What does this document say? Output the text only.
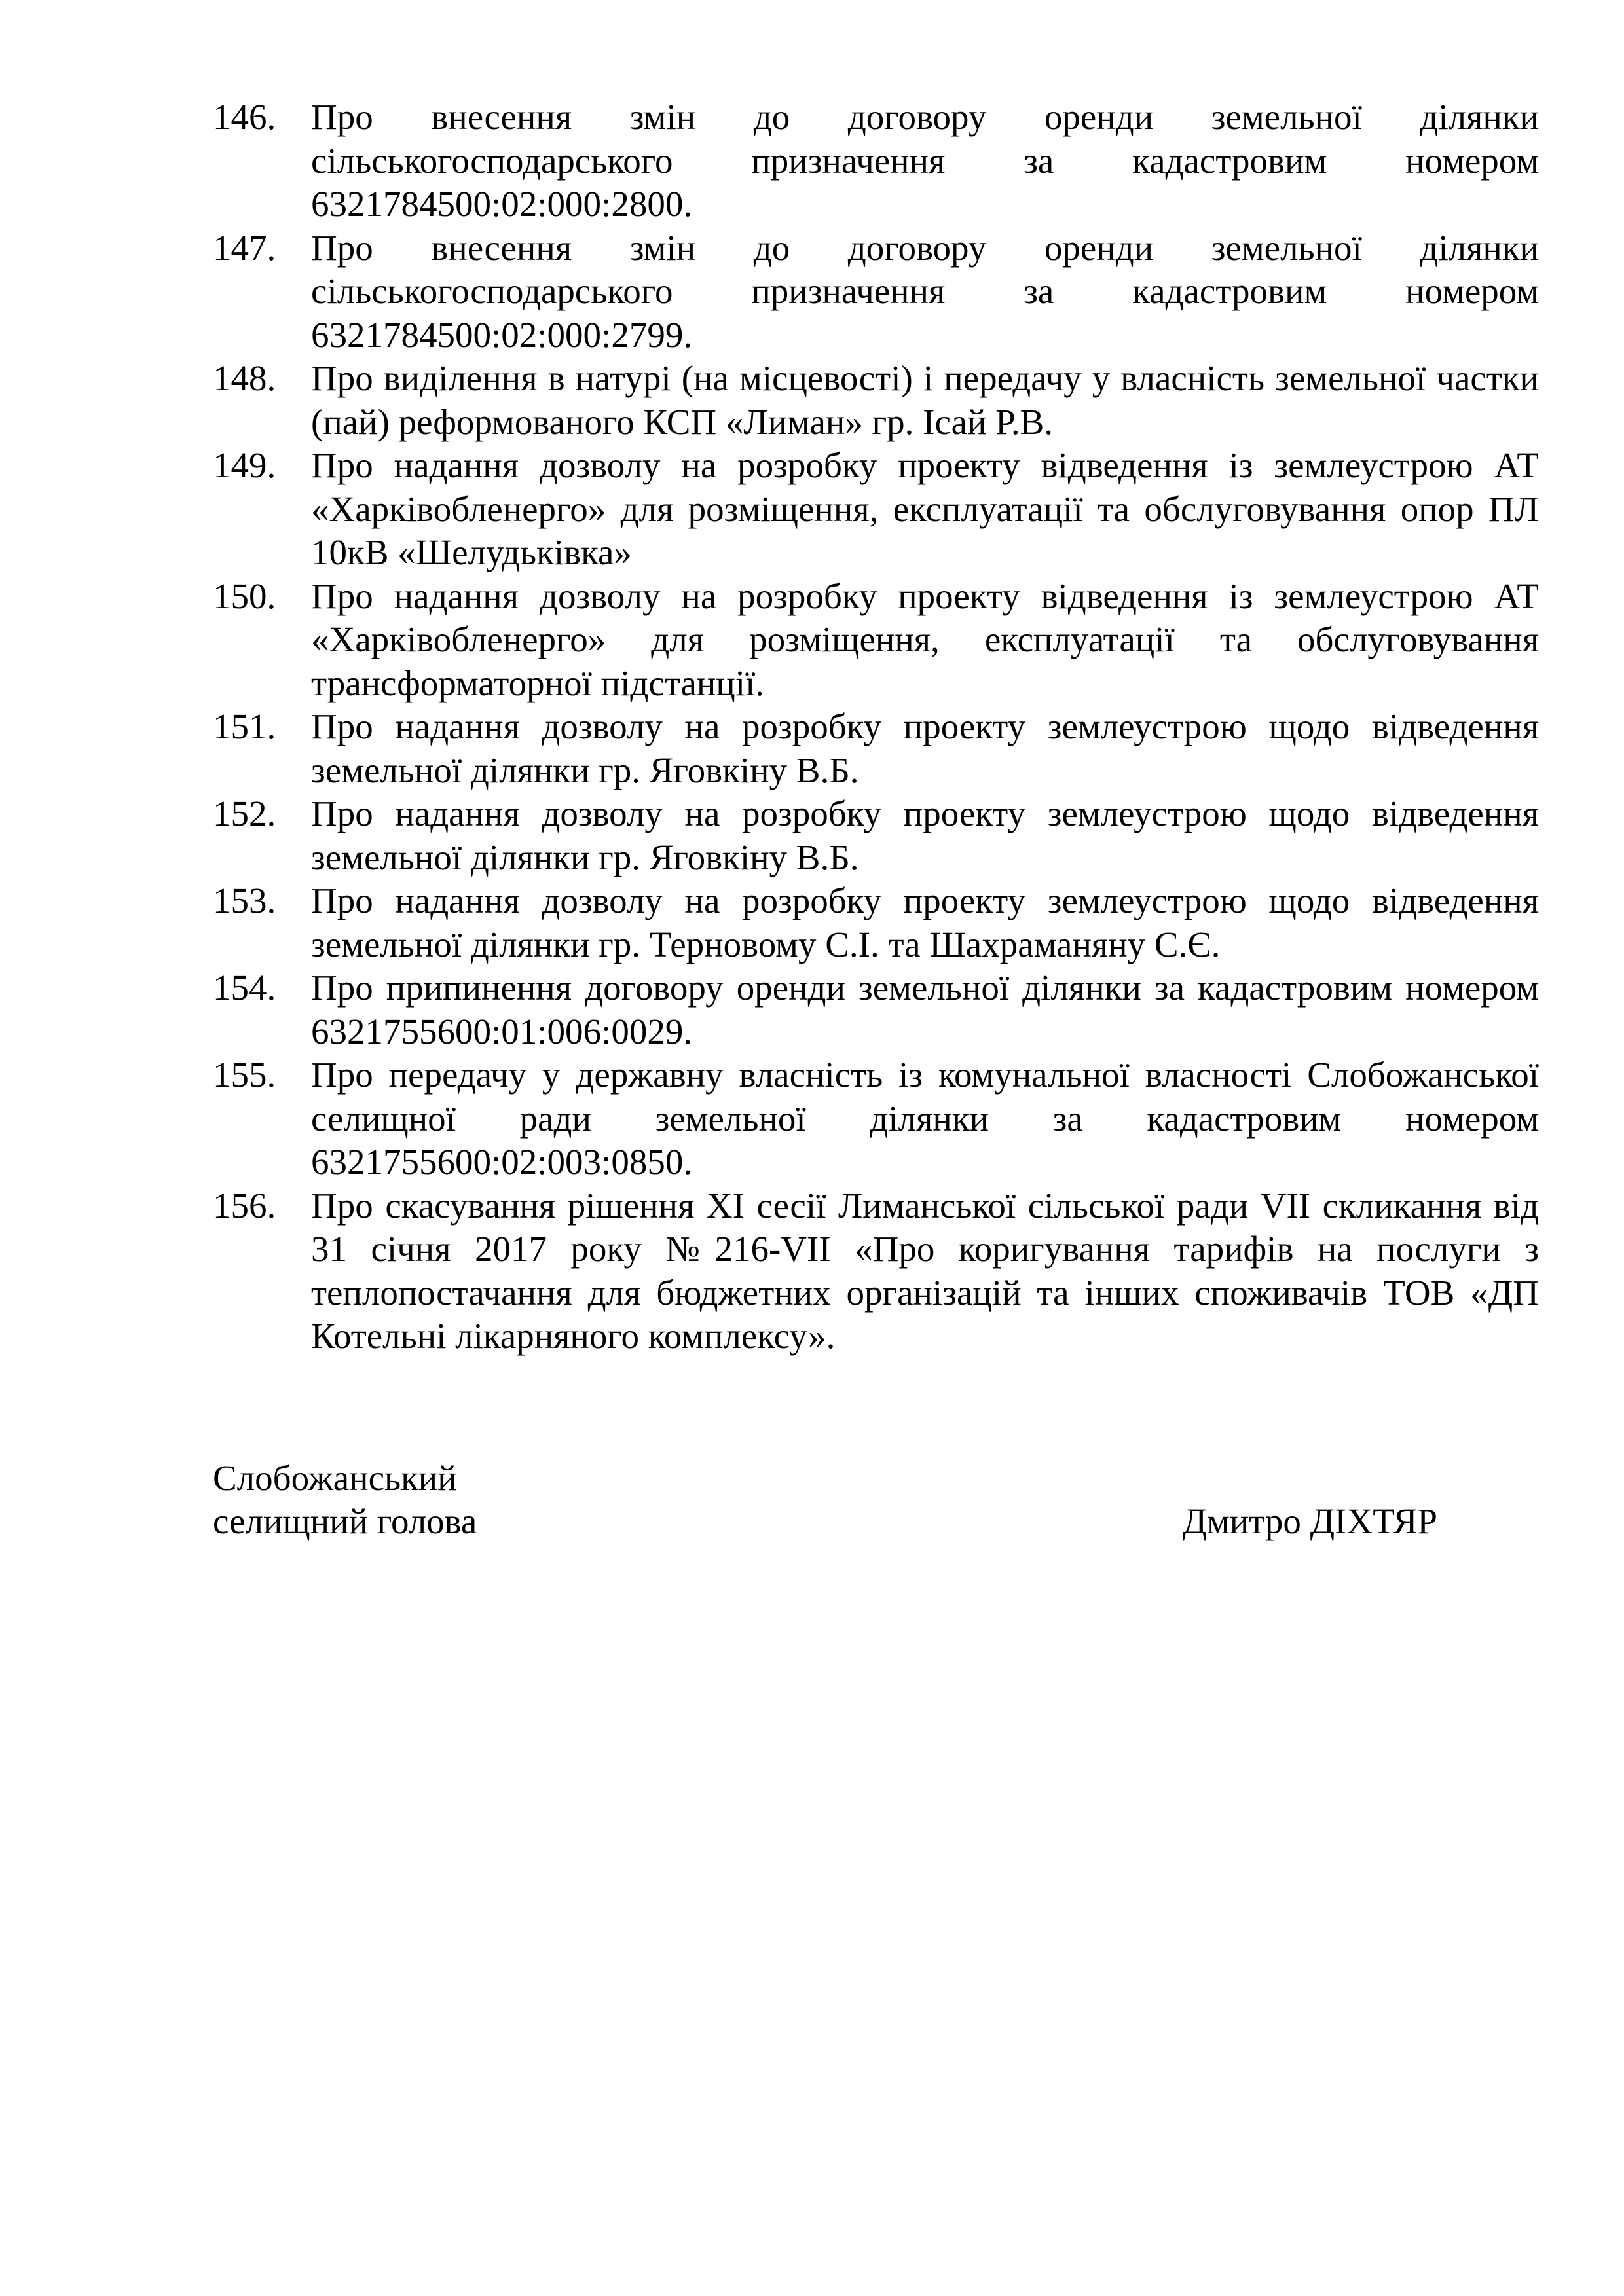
146. Про внесення змін до договору оренди земельної ділянки сільськогосподарського призначення за кадастровим номером 6321784500:02:000:2800.
147. Про внесення змін до договору оренди земельної ділянки сільськогосподарського призначення за кадастровим номером 6321784500:02:000:2799.
148. Про виділення в натурі (на місцевості) і передачу у власність земельної частки (пай) реформованого КСП «Лиман» гр. Ісай Р.В.
149. Про надання дозволу на розробку проекту відведення із землеустрою АТ «Харківобленерго» для розміщення, експлуатації та обслуговування опор ПЛ 10кВ «Шелудьківка»
150. Про надання дозволу на розробку проекту відведення із землеустрою АТ «Харківобленерго» для розміщення, експлуатації та обслуговування трансформаторної підстанції.
151. Про надання дозволу на розробку проекту землеустрою щодо відведення земельної ділянки гр. Яговкіну В.Б.
152. Про надання дозволу на розробку проекту землеустрою щодо відведення земельної ділянки гр. Яговкіну В.Б.
153. Про надання дозволу на розробку проекту землеустрою щодо відведення земельної ділянки гр. Терновому С.І. та Шахраманяну С.Є.
154. Про припинення договору оренди земельної ділянки за кадастровим номером 6321755600:01:006:0029.
155. Про передачу у державну власність із комунальної власності Слобожанської селищної ради земельної ділянки за кадастровим номером 6321755600:02:003:0850.
156. Про скасування рішення XI сесії Лиманської сільської ради VII скликання від 31 січня 2017 року №216-VII «Про коригування тарифів на послуги з теплопостачання для бюджетних організацій та інших споживачів ТОВ «ДП Котельні лікарняного комплексу».
Слобожанський
селищний голова	Дмитро ДІХТЯР
